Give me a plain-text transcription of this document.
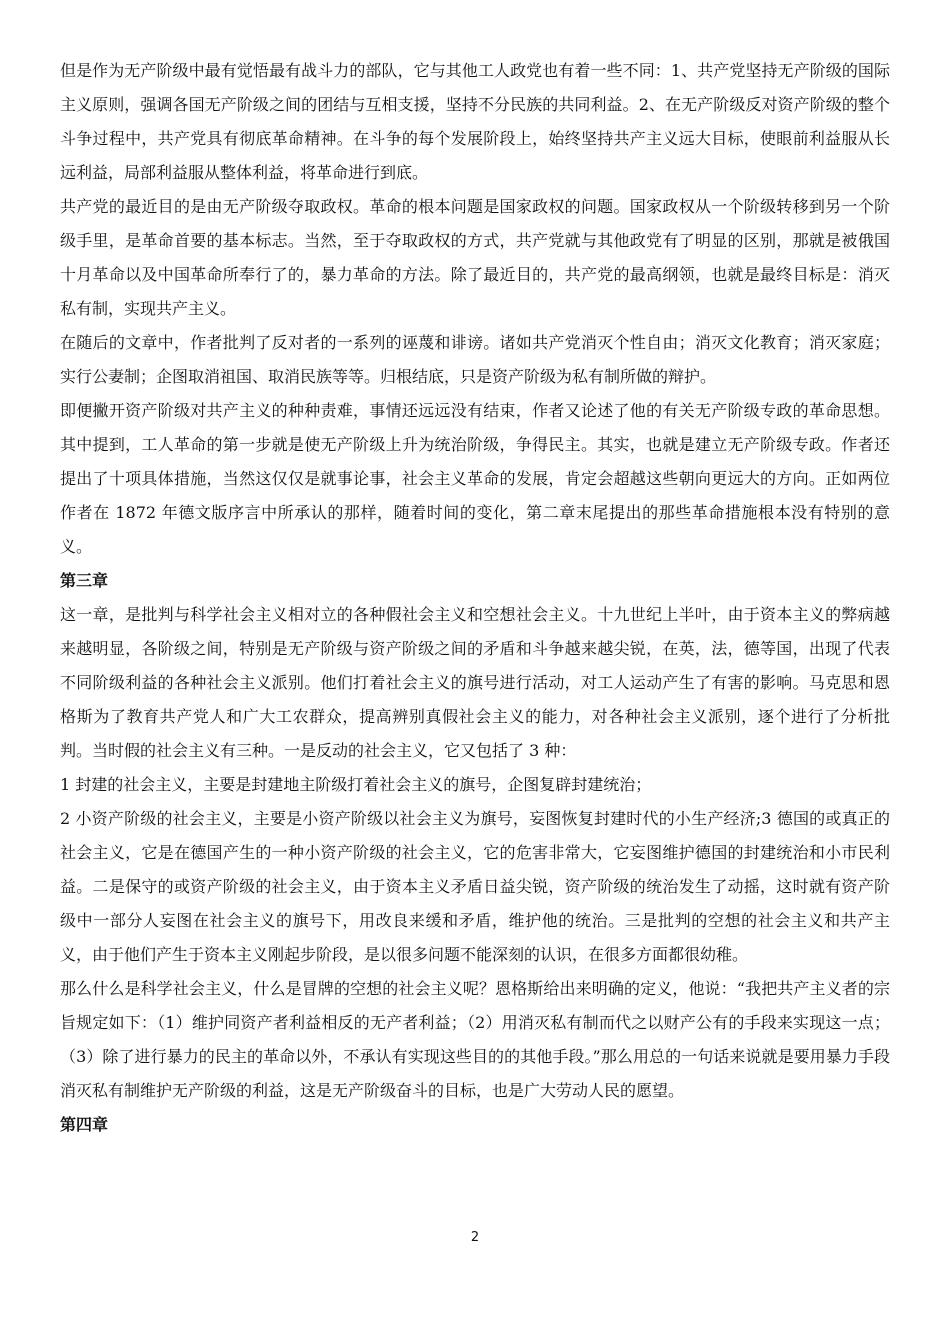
但是作为无产阶级中最有觉悟最有战斗力的部队，它与其他工人政党也有着一些不同：1、共产党坚持无产阶级的国际主义原则，强调各国无产阶级之间的团结与互相支援，坚持不分民族的共同利益。2、在无产阶级反对资产阶级的整个斗争过程中，共产党具有彻底革命精神。在斗争的每个发展阶段上，始终坚持共产主义远大目标，使眼前利益服从长远利益，局部利益服从整体利益，将革命进行到底。

共产党的最近目的是由无产阶级夺取政权。革命的根本问题是国家政权的问题。国家政权从一个阶级转移到另一个阶级手里，是革命首要的基本标志。当然，至于夺取政权的方式，共产党就与其他政党有了明显的区别，那就是被俄国十月革命以及中国革命所奉行了的，暴力革命的方法。除了最近目的，共产党的最高纲领，也就是最终目标是：消灭私有制，实现共产主义。

在随后的文章中，作者批判了反对者的一系列的诬蔑和诽谤。诸如共产党消灭个性自由；消灭文化教育；消灭家庭；实行公妻制；企图取消祖国、取消民族等等。归根结底，只是资产阶级为私有制所做的辩护。

即便撇开资产阶级对共产主义的种种责难，事情还远远没有结束，作者又论述了他的有关无产阶级专政的革命思想。其中提到，工人革命的第一步就是使无产阶级上升为统治阶级，争得民主。其实，也就是建立无产阶级专政。作者还提出了十项具体措施，当然这仅仅是就事论事，社会主义革命的发展，肯定会超越这些朝向更远大的方向。正如两位作者在 1872 年德文版序言中所承认的那样，随着时间的变化，第二章末尾提出的那些革命措施根本没有特别的意义。

第三章

这一章，是批判与科学社会主义相对立的各种假社会主义和空想社会主义。十九世纪上半叶，由于资本主义的弊病越来越明显，各阶级之间，特别是无产阶级与资产阶级之间的矛盾和斗争越来越尖锐，在英，法，德等国，出现了代表不同阶级利益的各种社会主义派别。他们打着社会主义的旗号进行活动，对工人运动产生了有害的影响。马克思和恩格斯为了教育共产党人和广大工农群众，提高辨别真假社会主义的能力，对各种社会主义派别，逐个进行了分析批判。当时假的社会主义有三种。一是反动的社会主义，它又包括了 3 种：

1 封建的社会主义，主要是封建地主阶级打着社会主义的旗号，企图复辟封建统治；

2 小资产阶级的社会主义，主要是小资产阶级以社会主义为旗号，妄图恢复封建时代的小生产经济;3 德国的或真正的社会主义，它是在德国产生的一种小资产阶级的社会主义，它的危害非常大，它妄图维护德国的封建统治和小市民利益。二是保守的或资产阶级的社会主义，由于资本主义矛盾日益尖锐，资产阶级的统治发生了动摇，这时就有资产阶级中一部分人妄图在社会主义的旗号下，用改良来缓和矛盾，维护他的统治。三是批判的空想的社会主义和共产主义，由于他们产生于资本主义刚起步阶段，是以很多问题不能深刻的认识，在很多方面都很幼稚。

那么什么是科学社会主义，什么是冒牌的空想的社会主义呢？恩格斯给出来明确的定义，他说：“我把共产主义者的宗旨规定如下：（1）维护同资产者利益相反的无产者利益；（2）用消灭私有制而代之以财产公有的手段来实现这一点；（3）除了进行暴力的民主的革命以外，不承认有实现这些目的的其他手段。”那么用总的一句话来说就是要用暴力手段消灭私有制维护无产阶级的利益，这是无产阶级奋斗的目标，也是广大劳动人民的愿望。

第四章
2
